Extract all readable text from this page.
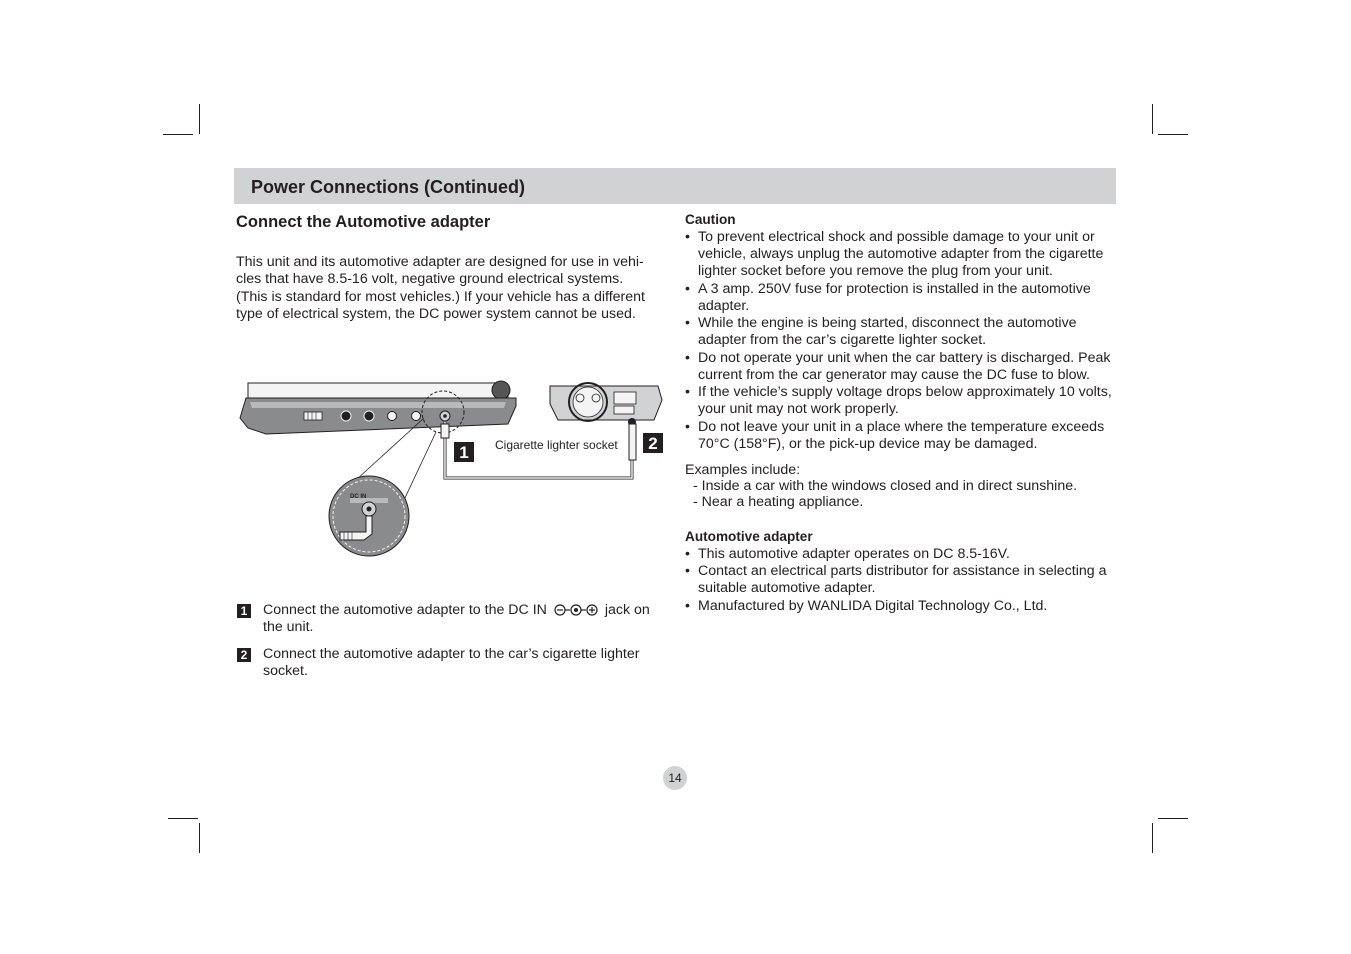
Power Connections (Continued)
Connect the Automotive adapter

This unit and its automotive adapter are designed for use in vehi-
cles that have 8.5-16 volt, negative ground electrical systems.
(This is standard for most vehicles.) If your vehicle has a different
type of electrical system, the DC power system cannot be used.

1	2
Cigarette lighter socket
DC IN
1 Connect the automotive adapter to the DC IN	jack on the unit.
2 Connect the automotive adapter to the car’s cigarette lighter socket.
Caution
• To prevent electrical shock and possible damage to your unit or vehicle, always unplug the automotive adapter from the cigarette lighter socket before you remove the plug from your unit.
• A 3 amp. 250V fuse for protection is installed in the automotive adapter.
• While the engine is being started, disconnect the automotive adapter from the car’s cigarette lighter socket.
• Do not operate your unit when the car battery is discharged. Peak current from the car generator may cause the DC fuse to blow.
• If the vehicle’s supply voltage drops below approximately 10 volts, your unit may not work properly.
• Do not leave your unit in a place where the temperature exceeds 70°C (158°F), or the pick-up device may be damaged.
Examples include:
- Inside a car with the windows closed and in direct sunshine.
- Near a heating appliance.
Automotive adapter
• This automotive adapter operates on DC 8.5-16V.
• Contact an electrical parts distributor for assistance in selecting a suitable automotive adapter.
• Manufactured by WANLIDA Digital Technology Co., Ltd.
14
